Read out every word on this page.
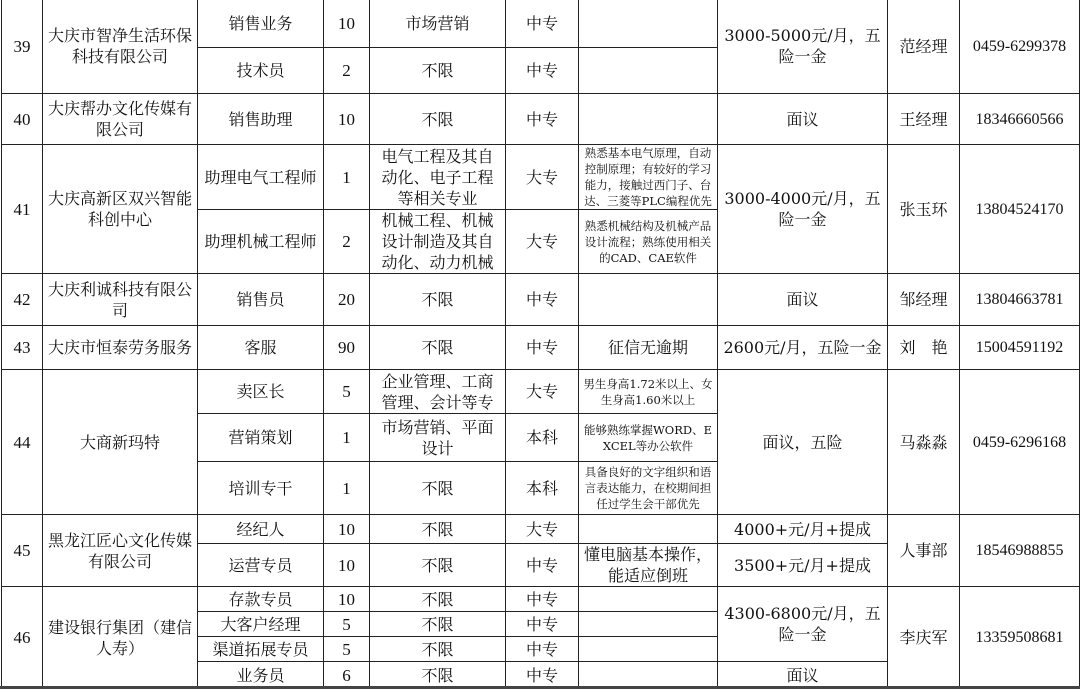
39	大庆市智净生活环保科技有限公司	销售业务	10	市场营销	中专		3000-5000元/月，五险一金	范经理	0459-6299378
		技术员	2	不限	中专				
40	大庆帮办文化传媒有限公司	销售助理	10	不限	中专		面议	王经理	18346660566
41	大庆高新区双兴智能科创中心	助理电气工程师	1	电气工程及其自动化、电子工程等相关专业	大专	熟悉基本电气原理，自动控制原理；有较好的学习能力，接触过西门子、台达、三菱等PLC编程优先	3000-4000元/月，五险一金	张玉环	13804524170
		助理机械工程师	2	机械工程、机械设计制造及其自动化、动力机械	大专	熟悉机械结构及机械产品设计流程；熟练使用相关的CAD、CAE软件			
42	大庆利诚科技有限公司	销售员	20	不限	中专		面议	邹经理	13804663781
43	大庆市恒泰劳务服务	客服	90	不限	中专	征信无逾期	2600元/月，五险一金	刘　艳	15004591192
44	大商新玛特	卖区长	5	企业管理、工商管理、会计等专	大专	男生身高1.72米以上、女生身高1.60米以上	面议，五险	马淼淼	0459-6296168
		营销策划	1	市场营销、平面设计	本科	能够熟练掌握WORD、EXCEL等办公软件			
		培训专干	1	不限	本科	具备良好的文字组织和语言表达能力，在校期间担任过学生会干部优先			
45	黑龙江匠心文化传媒有限公司	经纪人	10	不限	大专		4000+元/月+提成	人事部	18546988855
		运营专员	10	不限	中专	懂电脑基本操作，能适应倒班	3500+元/月+提成		
46	建设银行集团（建信人寿）	存款专员	10	不限	中专		4300-6800元/月，五险一金	李庆军	13359508681
		大客户经理	5	不限	中专				
		渠道拓展专员	5	不限	中专				
		业务员	6	不限	中专		面议		
